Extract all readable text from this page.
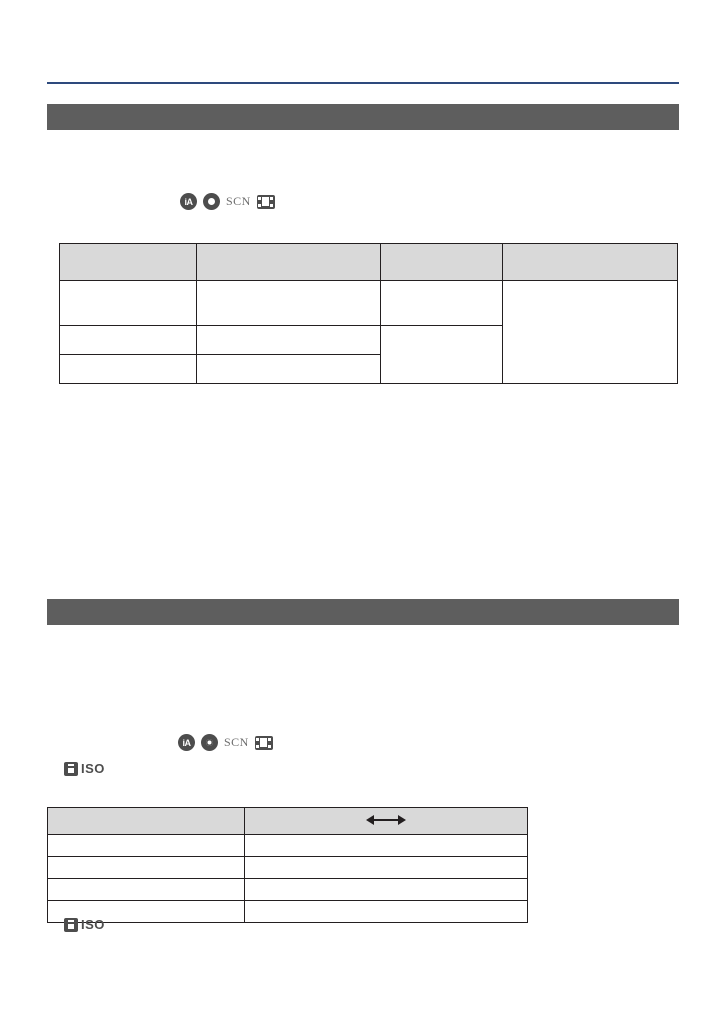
iA	SCN

iA	SCN
ISO

ISO
